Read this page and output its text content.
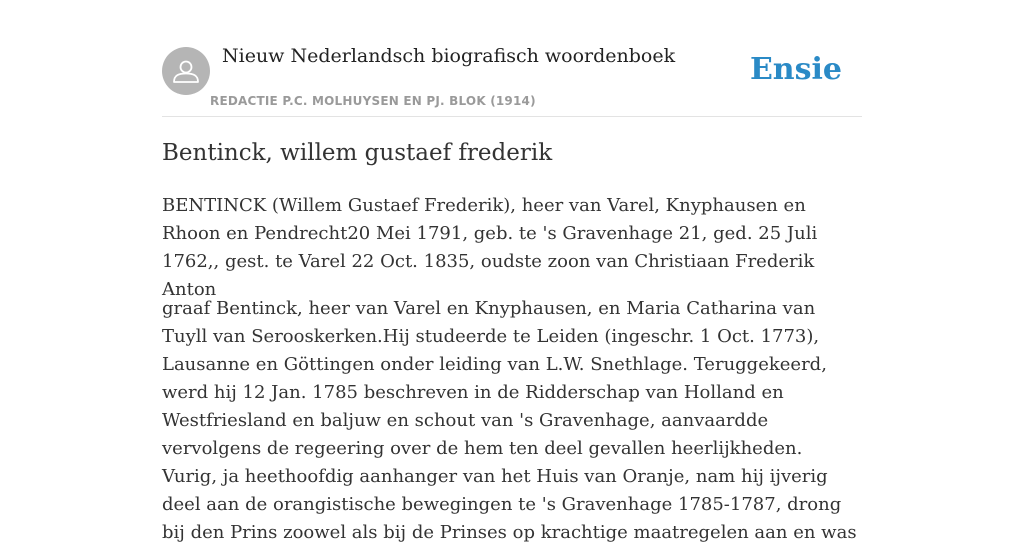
Nieuw Nederlandsch biografisch woordenboek
REDACTIE P.C. MOLHUYSEN EN PJ. BLOK (1914)
Ensie
Bentinck, willem gustaef frederik

BENTINCK (Willem Gustaef Frederik), heer van Varel, Knyphausen en Rhoon en Pendrecht20 Mei 1791, geb. te 's Gravenhage 21, ged. 25 Juli 1762,, gest. te Varel 22 Oct. 1835, oudste zoon van Christiaan Frederik Anton

graaf Bentinck, heer van Varel en Knyphausen, en Maria Catharina van Tuyll van Serooskerken.Hij studeerde te Leiden (ingeschr. 1 Oct. 1773), Lausanne en Göttingen onder leiding van L.W. Snethlage. Teruggekeerd, werd hij 12 Jan. 1785 beschreven in de Ridderschap van Holland en Westfriesland en baljuw en schout van 's Gravenhage, aanvaardde vervolgens de regeering over de hem ten deel gevallen heerlijkheden. Vurig, ja heethoofdig aanhanger van het Huis van Oranje, nam hij ijverig deel aan de orangistische bewegingen te 's Gravenhage 1785-1787, drong bij den Prins zoowel als bij de Prinses op krachtige maatregelen aan en was
